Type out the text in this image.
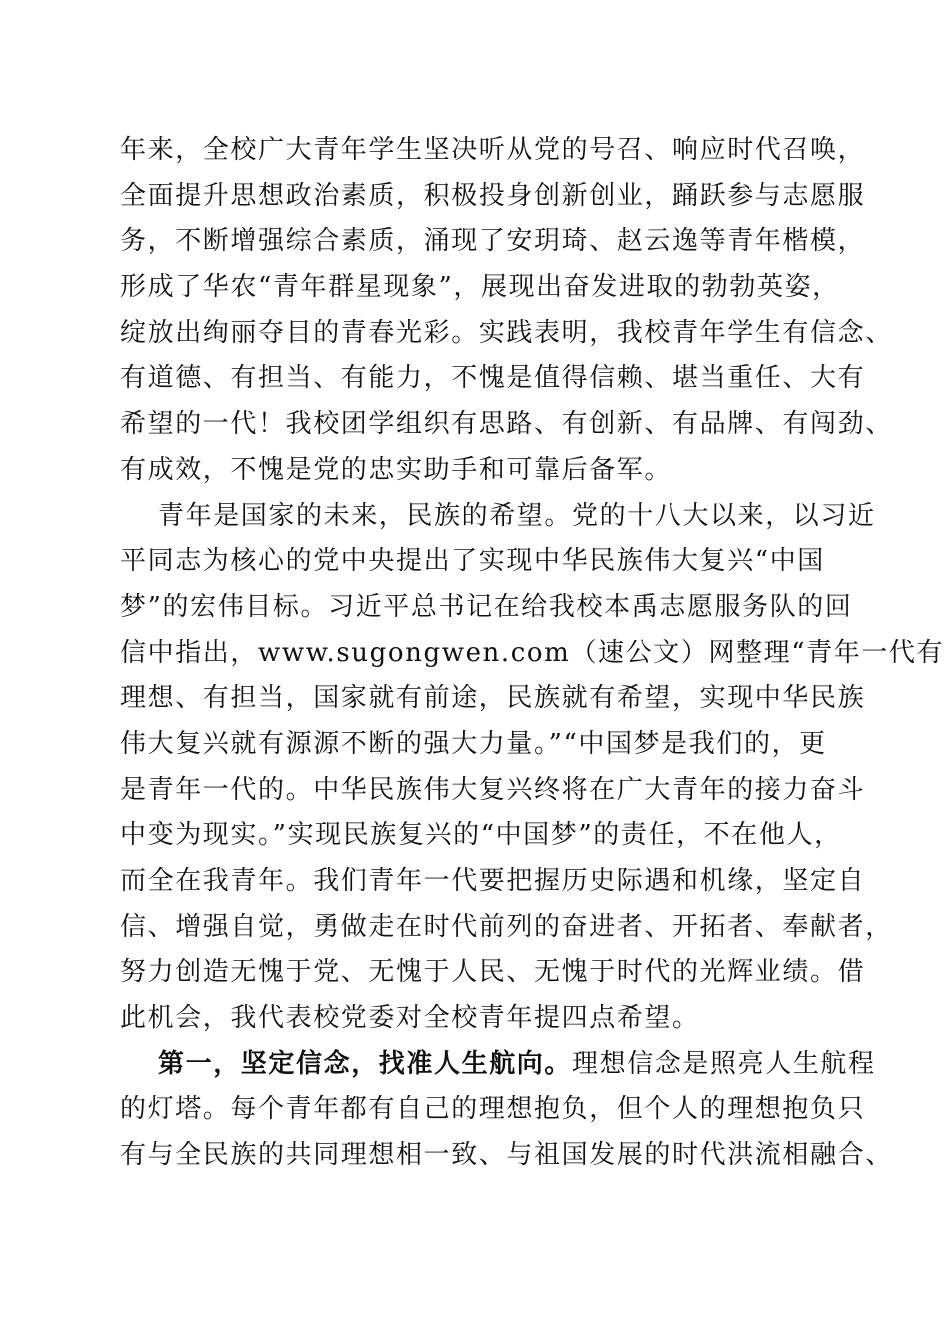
年来，全校广大青年学生坚决听从党的号召、响应时代召唤，
全面提升思想政治素质，积极投身创新创业，踊跃参与志愿服
务，不断增强综合素质，涌现了安玥琦、赵云逸等青年楷模，
形成了华农“青年群星现象”，展现出奋发进取的勃勃英姿，
绽放出绚丽夺目的青春光彩。实践表明，我校青年学生有信念、
有道德、有担当、有能力，不愧是值得信赖、堪当重任、大有
希望的一代！我校团学组织有思路、有创新、有品牌、有闯劲、
有成效，不愧是党的忠实助手和可靠后备军。
青年是国家的未来，民族的希望。党的十八大以来，以习近
平同志为核心的党中央提出了实现中华民族伟大复兴“中国
梦”的宏伟目标。习近平总书记在给我校本禹志愿服务队的回
信中指出，www.sugongwen.com（速公文）网整理“青年一代有
理想、有担当，国家就有前途，民族就有希望，实现中华民族
伟大复兴就有源源不断的强大力量。”“中国梦是我们的，更
是青年一代的。中华民族伟大复兴终将在广大青年的接力奋斗
中变为现实。”实现民族复兴的“中国梦”的责任，不在他人，
而全在我青年。我们青年一代要把握历史际遇和机缘，坚定自
信、增强自觉，勇做走在时代前列的奋进者、开拓者、奉献者，
努力创造无愧于党、无愧于人民、无愧于时代的光辉业绩。借
此机会，我代表校党委对全校青年提四点希望。
第一，坚定信念，找准人生航向。理想信念是照亮人生航程
的灯塔。每个青年都有自己的理想抱负，但个人的理想抱负只
有与全民族的共同理想相一致、与祖国发展的时代洪流相融合、
